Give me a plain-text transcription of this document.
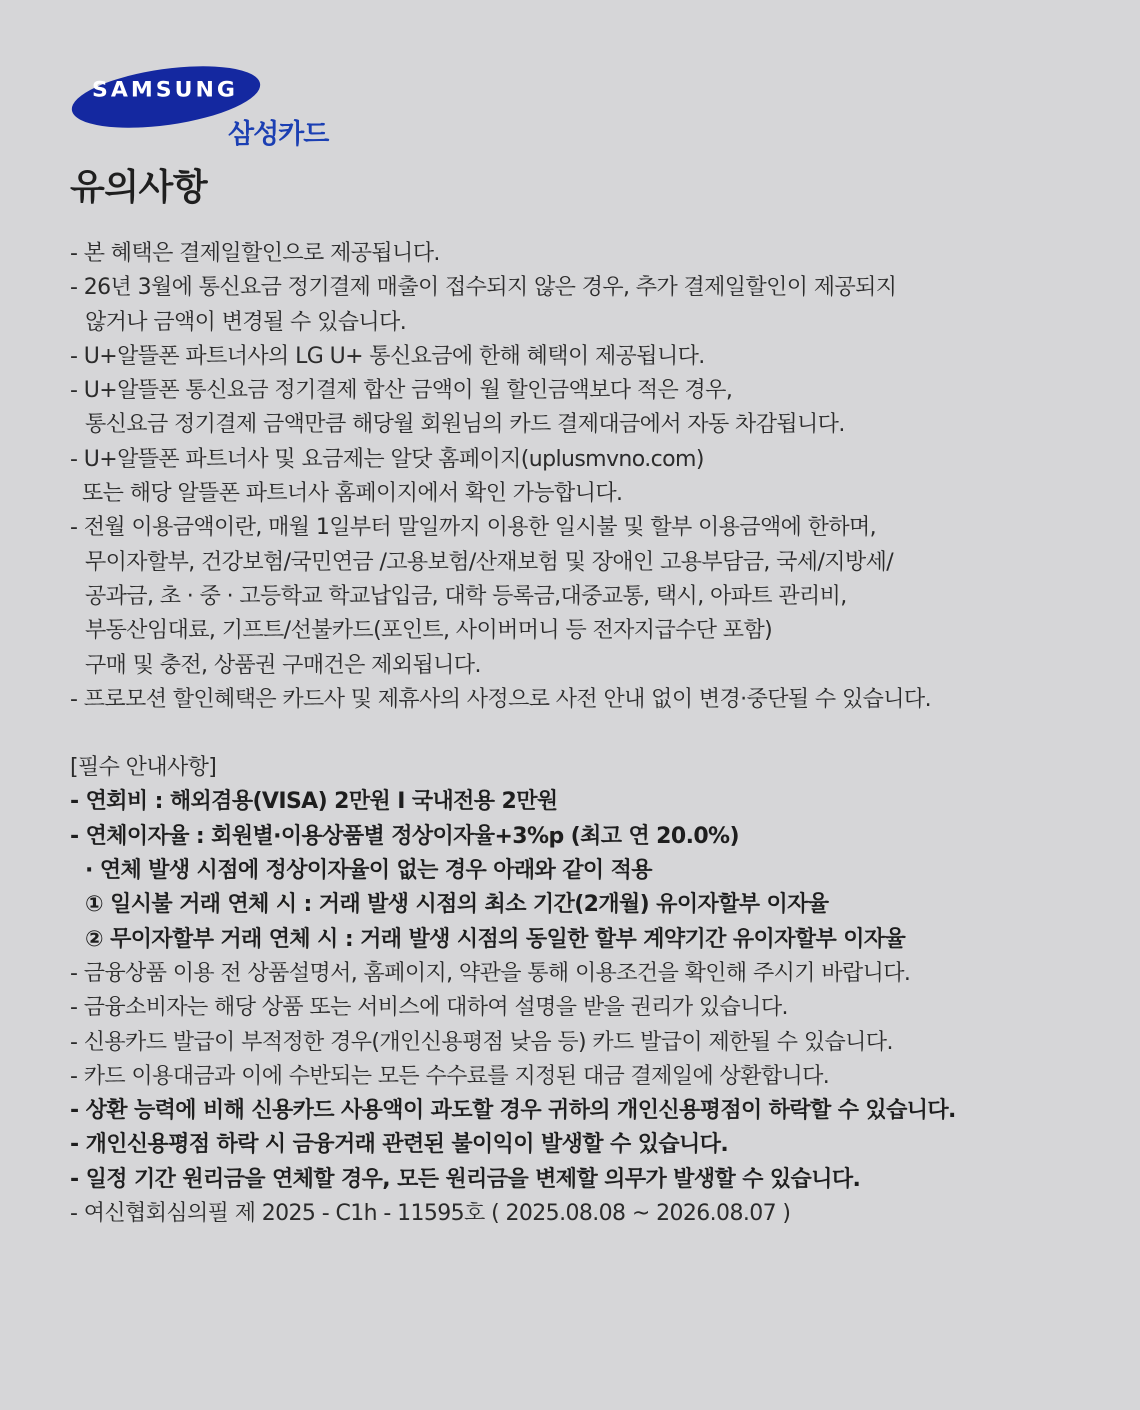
SAMSUNG
삼성카드
유의사항
- 본 혜택은 결제일할인으로 제공됩니다.
- 26년 3월에 통신요금 정기결제 매출이 접수되지 않은 경우, 추가 결제일할인이 제공되지
않거나 금액이 변경될 수 있습니다.
- U+알뜰폰 파트너사의 LG U+ 통신요금에 한해 혜택이 제공됩니다.
- U+알뜰폰 통신요금 정기결제 합산 금액이 월 할인금액보다 적은 경우,
통신요금 정기결제 금액만큼 해당월 회원님의 카드 결제대금에서 자동 차감됩니다.
- U+알뜰폰 파트너사 및 요금제는 알닷 홈페이지(uplusmvno.com)
또는 해당 알뜰폰 파트너사 홈페이지에서 확인 가능합니다.
- 전월 이용금액이란, 매월 1일부터 말일까지 이용한 일시불 및 할부 이용금액에 한하며,
무이자할부, 건강보험/국민연금 /고용보험/산재보험 및 장애인 고용부담금, 국세/지방세/
공과금, 초 · 중 · 고등학교 학교납입금, 대학 등록금,대중교통, 택시, 아파트 관리비,
부동산임대료, 기프트/선불카드(포인트, 사이버머니 등 전자지급수단 포함)
구매 및 충전, 상품권 구매건은 제외됩니다.
- 프로모션 할인혜택은 카드사 및 제휴사의 사정으로 사전 안내 없이 변경·중단될 수 있습니다.
[필수 안내사항]
- 연회비 : 해외겸용(VISA) 2만원 I 국내전용 2만원
- 연체이자율 : 회원별·이용상품별 정상이자율+3%p (최고 연 20.0%)
· 연체 발생 시점에 정상이자율이 없는 경우 아래와 같이 적용
① 일시불 거래 연체 시 : 거래 발생 시점의 최소 기간(2개월) 유이자할부 이자율
② 무이자할부 거래 연체 시 : 거래 발생 시점의 동일한 할부 계약기간 유이자할부 이자율
- 금융상품 이용 전 상품설명서, 홈페이지, 약관을 통해 이용조건을 확인해 주시기 바랍니다.
- 금융소비자는 해당 상품 또는 서비스에 대하여 설명을 받을 권리가 있습니다.
- 신용카드 발급이 부적정한 경우(개인신용평점 낮음 등) 카드 발급이 제한될 수 있습니다.
- 카드 이용대금과 이에 수반되는 모든 수수료를 지정된 대금 결제일에 상환합니다.
- 상환 능력에 비해 신용카드 사용액이 과도할 경우 귀하의 개인신용평점이 하락할 수 있습니다.
- 개인신용평점 하락 시 금융거래 관련된 불이익이 발생할 수 있습니다.
- 일정 기간 원리금을 연체할 경우, 모든 원리금을 변제할 의무가 발생할 수 있습니다.
- 여신협회심의필 제 2025 - C1h - 11595호 ( 2025.08.08 ~ 2026.08.07 )
